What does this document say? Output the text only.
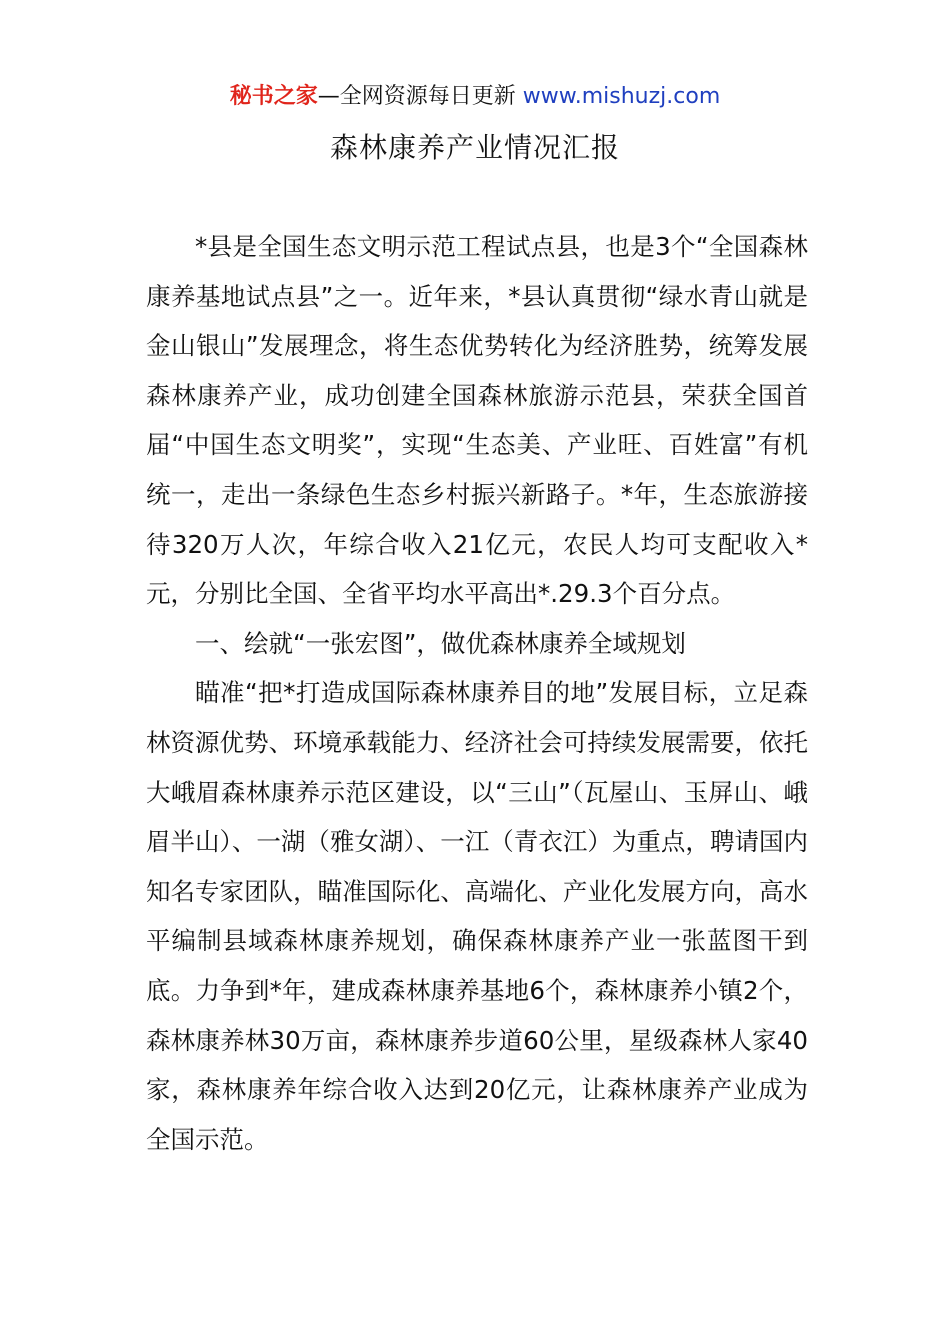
秘书之家—全网资源每日更新 www.mishuzj.com
森林康养产业情况汇报

*县是全国生态文明示范工程试点县，也是3个“全国森林康养基地试点县”之一。近年来，*县认真贯彻“绿水青山就是金山银山”发展理念，将生态优势转化为经济胜势，统筹发展森林康养产业，成功创建全国森林旅游示范县，荣获全国首届“中国生态文明奖”，实现“生态美、产业旺、百姓富”有机统一，走出一条绿色生态乡村振兴新路子。*年，生态旅游接待320万人次，年综合收入21亿元，农民人均可支配收入*元，分别比全国、全省平均水平高出*.29.3个百分点。

一、绘就“一张宏图”，做优森林康养全域规划

瞄准“把*打造成国际森林康养目的地”发展目标，立足森林资源优势、环境承载能力、经济社会可持续发展需要，依托大峨眉森林康养示范区建设，以“三山”（瓦屋山、玉屏山、峨眉半山）、一湖（雅女湖）、一江（青衣江）为重点，聘请国内知名专家团队，瞄准国际化、高端化、产业化发展方向，高水平编制县域森林康养规划，确保森林康养产业一张蓝图干到底。力争到*年，建成森林康养基地6个，森林康养小镇2个，森林康养林30万亩，森林康养步道60公里，星级森林人家40家，森林康养年综合收入达到20亿元，让森林康养产业成为全国示范。
